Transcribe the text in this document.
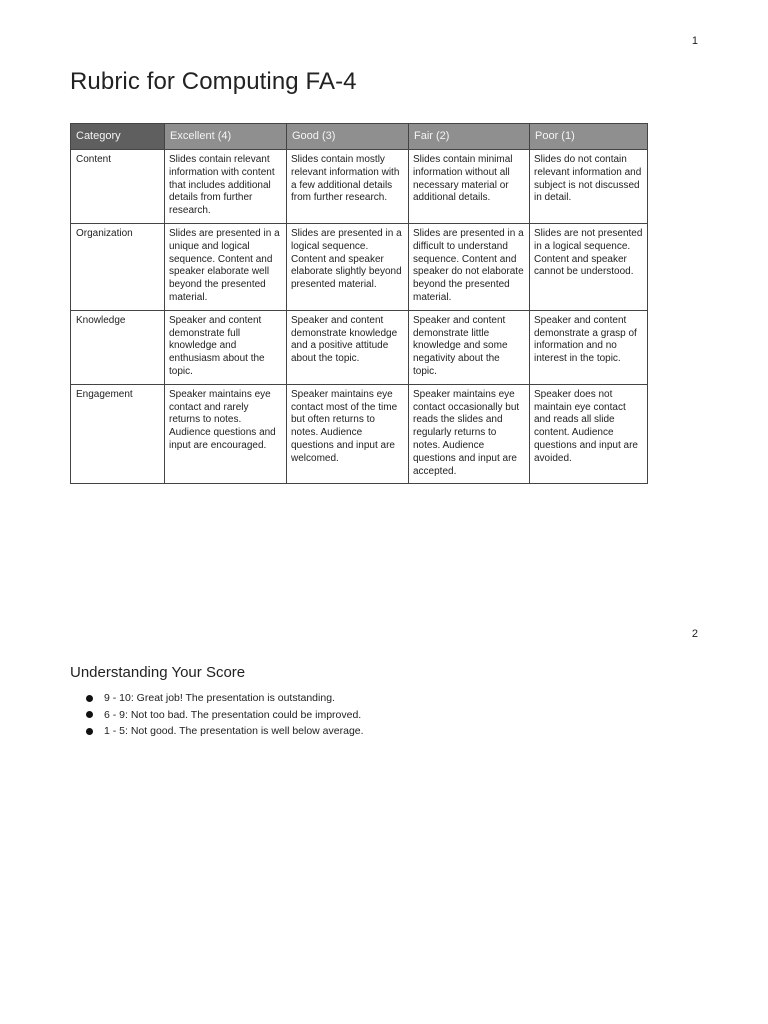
1
Rubric for Computing FA-4
Category	Excellent (4)	Good (3)	Fair (2)	Poor (1)
Content	Slides contain relevant information with content that includes additional details from further research.	Slides contain mostly relevant information with a few additional details from further research.	Slides contain minimal information without all necessary material or additional details.	Slides do not contain relevant information and subject is not discussed in detail.
Organization	Slides are presented in a unique and logical sequence. Content and speaker elaborate well beyond the presented material.	Slides are presented in a logical sequence. Content and speaker elaborate slightly beyond presented material.	Slides are presented in a difficult to understand sequence. Content and speaker do not elaborate beyond the presented material.	Slides are not presented in a logical sequence. Content and speaker cannot be understood.
Knowledge	Speaker and content demonstrate full knowledge and enthusiasm about the topic.	Speaker and content demonstrate knowledge and a positive attitude about the topic.	Speaker and content demonstrate little knowledge and some negativity about the topic.	Speaker and content demonstrate a grasp of information and no interest in the topic.
Engagement	Speaker maintains eye contact and rarely returns to notes. Audience questions and input are encouraged.	Speaker maintains eye contact most of the time but often returns to notes. Audience questions and input are welcomed.	Speaker maintains eye contact occasionally but reads the slides and regularly returns to notes. Audience questions and input are accepted.	Speaker does not maintain eye contact and reads all slide content. Audience questions and input are avoided.
2
Understanding Your Score
9 - 10: Great job! The presentation is outstanding.
6 - 9: Not too bad. The presentation could be improved.
1 - 5: Not good. The presentation is well below average.
